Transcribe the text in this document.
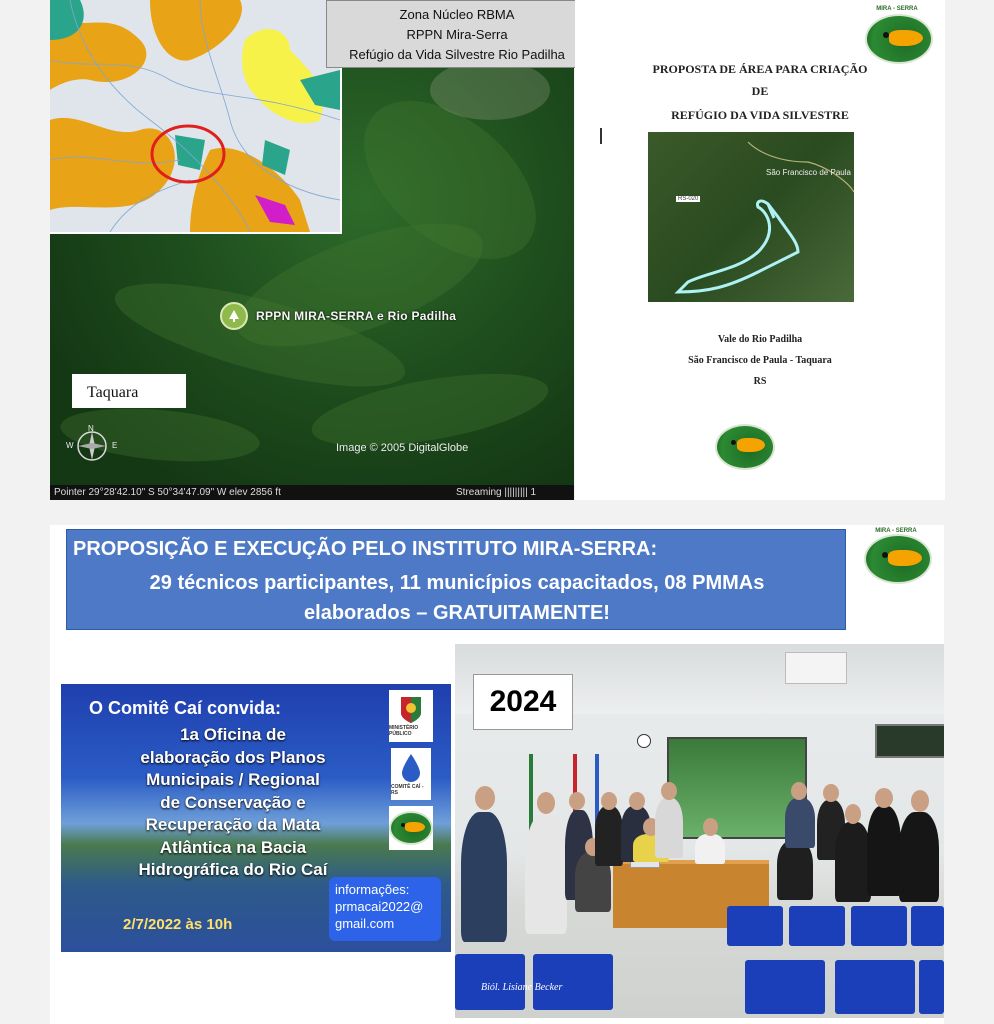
Zona Núcleo RBMA
RPPN Mira-Serra
Refúgio da Vida Silvestre Rio Padilha
RPPN MIRA-SERRA e Rio Padilha
Taquara
N
W	E	Image © 2005 DigitalGlobe
Pointer 29°28'42.10" S 50°34'47.09" W elev 2856 ft	Streaming ||||||||| 1
MIRA - SERRA
PROPOSTA DE ÁREA PARA CRIAÇÃO
DE
REFÚGIO DA VIDA SILVESTRE
São Francisco de Paula
RS-020
Vale do Rio Padilha
São Francisco de Paula - Taquara
RS
PROPOSIÇÃO E EXECUÇÃO PELO INSTITUTO MIRA-SERRA:
29 técnicos participantes, 11 municípios capacitados, 08 PMMAs
elaborados – GRATUITAMENTE!
MIRA - SERRA
O Comitê Caí convida:
1a Oficina de
elaboração dos Planos
Municipais / Regional
de Conservação e
Recuperação da Mata
Atlântica na Bacia
Hidrográfica do Rio Caí
2/7/2022 às 10h
MINISTÉRIO PÚBLICO
COMITÊ CAÍ - RS
informações:
prmacai2022@
gmail.com
2024
Biól. Lisiane Becker
